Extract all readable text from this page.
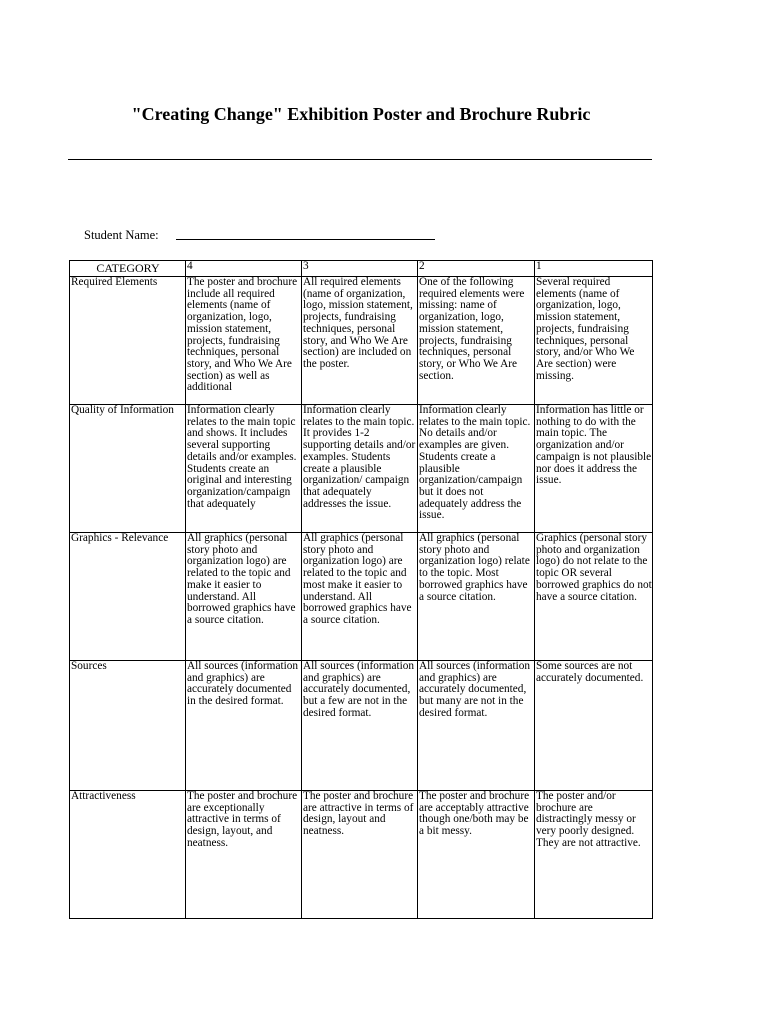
"Creating Change" Exhibition Poster and Brochure Rubric
Student Name:
CATEGORY	4	3	2	1

Required Elements	The poster and brochure include all required elements (name of organization, logo, mission statement, projects, fundraising techniques, personal story, and Who We Are section) as well as additional	All required elements (name of organization, logo, mission statement, projects, fundraising techniques, personal story, and Who We Are section) are included on the poster.	One of the following required elements were missing: name of organization, logo, mission statement, projects, fundraising techniques, personal story, or Who We Are section.	Several required elements (name of organization, logo, mission statement, projects, fundraising techniques, personal story, and/or Who We Are section) were missing.

Quality of Information	Information clearly relates to the main topic and shows. It includes several supporting details and/or examples. Students create an original and interesting organization/campaign that adequately	Information clearly relates to the main topic. It provides 1-2 supporting details and/or examples. Students create a plausible organization/ campaign that adequately addresses the issue.	Information clearly relates to the main topic. No details and/or examples are given. Students create a plausible organization/campaign but it does not adequately address the issue.	Information has little or nothing to do with the main topic. The organization and/or campaign is not plausible nor does it address the issue.

Graphics - Relevance	All graphics (personal story photo and organization logo) are related to the topic and make it easier to understand. All borrowed graphics have a source citation.	All graphics (personal story photo and organization logo) are related to the topic and most make it easier to understand. All borrowed graphics have a source citation.	All graphics (personal story photo and organization logo) relate to the topic. Most borrowed graphics have a source citation.	Graphics (personal story photo and organization logo) do not relate to the topic OR several borrowed graphics do not have a source citation.

Sources	All sources (information and graphics) are accurately documented in the desired format.	All sources (information and graphics) are accurately documented, but a few are not in the desired format.	All sources (information and graphics) are accurately documented, but many are not in the desired format.	Some sources are not accurately documented.

Attractiveness	The poster and brochure are exceptionally attractive in terms of design, layout, and neatness.	The poster and brochure are attractive in terms of design, layout and neatness.	The poster and brochure are acceptably attractive though one/both may be a bit messy.	The poster and/or brochure are distractingly messy or very poorly designed. They are not attractive.
